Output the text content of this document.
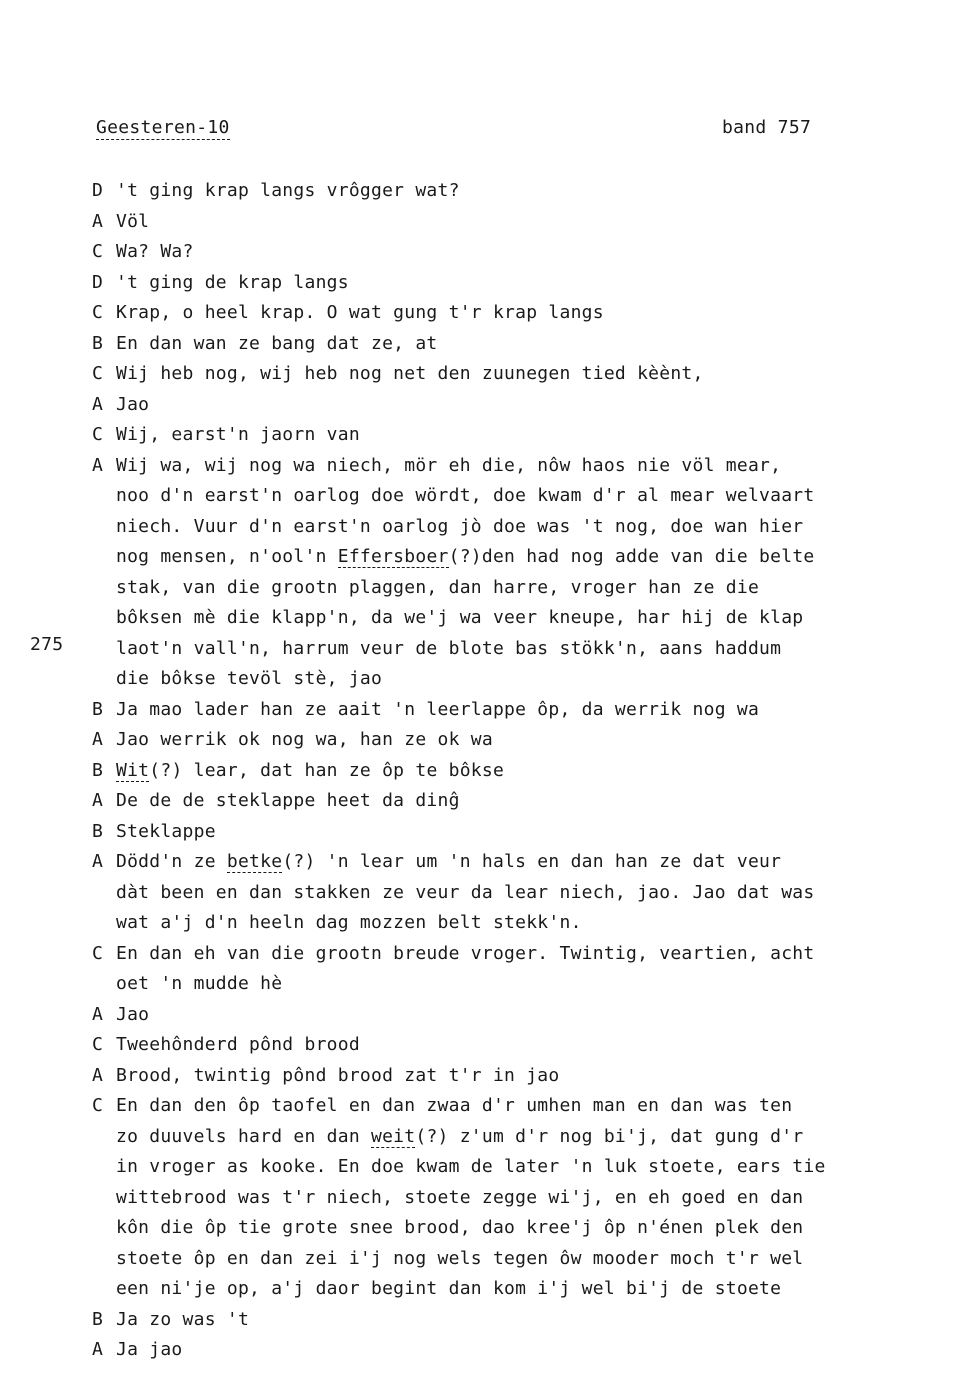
Geesteren-10	band 757
275
D 't ging krap langs vrôgger wat?
A Völ
C Wa? Wa?
D 't ging de krap langs
C Krap, o heel krap. O wat gung t'r krap langs
B En dan wan ze bang dat ze, at
C Wij heb nog, wij heb nog net den zuunegen tied kèènt,
A Jao
C Wij, earst'n jaorn van
A Wij wa, wij nog wa niech, mör eh die, nôw haos nie völ mear,
noo d'n earst'n oarlog doe wördt, doe kwam d'r al mear welvaart
niech. Vuur d'n earst'n oarlog jò doe was 't nog, doe wan hier
nog mensen, n'ool'n Effersboer(?)den had nog adde van die belte
stak, van die grootn plaggen, dan harre, vroger han ze die
bôksen mè die klapp'n, da we'j wa veer kneupe, har hij de klap
laot'n vall'n, harrum veur de blote bas stökk'n, aans haddum
die bôkse tevöl stè, jao
B Ja mao lader han ze aait 'n leerlappe ôp, da werrik nog wa
A Jao werrik ok nog wa, han ze ok wa
B Wit(?) lear, dat han ze ôp te bôkse
A De de de steklappe heet da dinĝ
B Steklappe
A Dödd'n ze betke(?) 'n lear um 'n hals en dan han ze dat veur
dàt been en dan stakken ze veur da lear niech, jao. Jao dat was
wat a'j d'n heeln dag mozzen belt stekk'n.
C En dan eh van die grootn breude vroger. Twintig, veartien, acht
oet 'n mudde hè
A Jao
C Tweehônderd pônd brood
A Brood, twintig pônd brood zat t'r in jao
C En dan den ôp taofel en dan zwaa d'r umhen man en dan was ten
zo duuvels hard en dan weit(?) z'um d'r nog bi'j, dat gung d'r
in vroger as kooke. En doe kwam de later 'n luk stoete, ears tie
wittebrood was t'r niech, stoete zegge wi'j, en eh goed en dan
kôn die ôp tie grote snee brood, dao kree'j ôp n'énen plek den
stoete ôp en dan zei i'j nog wels tegen ôw mooder moch t'r wel
een ni'je op, a'j daor begint dan kom i'j wel bi'j de stoete
B Ja zo was 't
A Ja jao
